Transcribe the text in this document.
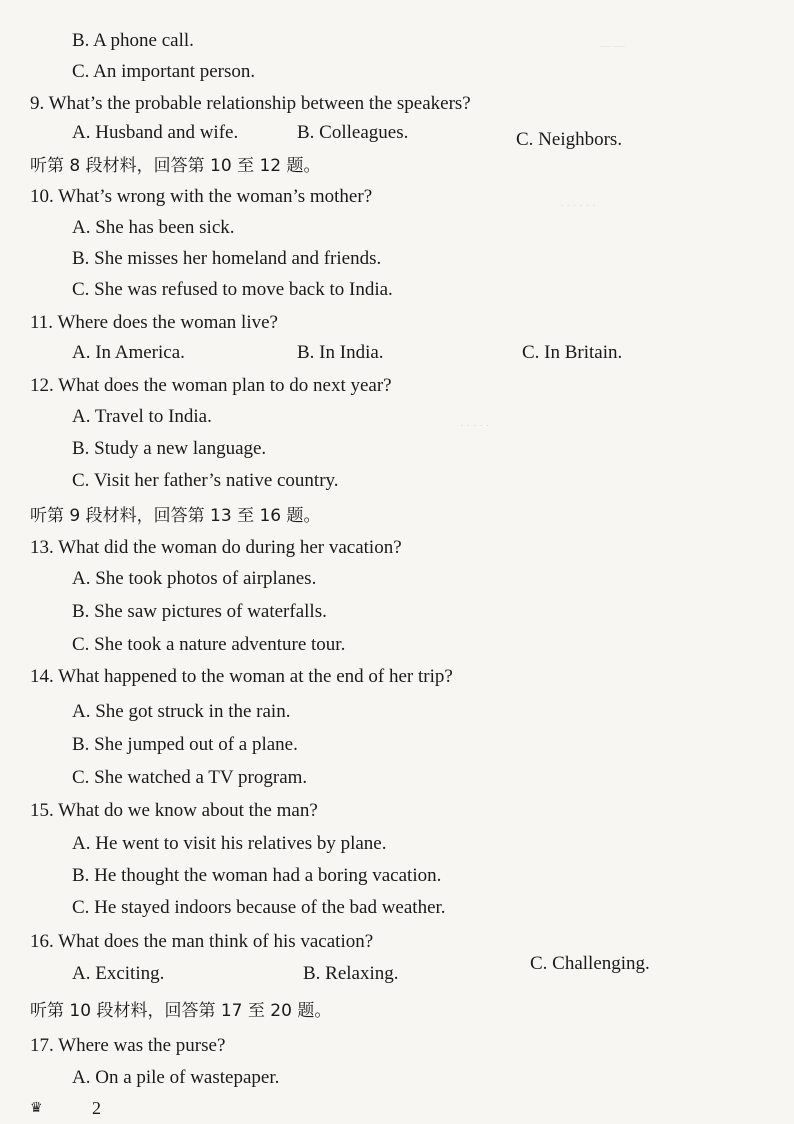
— —
· · · · · ·
· · · · ·
B. A phone call.
C. An important person.
9. What’s the probable relationship between the speakers?
A. Husband and wife.	B. Colleagues.	C. Neighbors.
听第 8 段材料，回答第 10 至 12 题。
10. What’s wrong with the woman’s mother?
A. She has been sick.
B. She misses her homeland and friends.
C. She was refused to move back to India.
11. Where does the woman live?
A. In America.	B. In India.	C. In Britain.
12. What does the woman plan to do next year?
A. Travel to India.
B. Study a new language.
C. Visit her father’s native country.
听第 9 段材料，回答第 13 至 16 题。
13. What did the woman do during her vacation?
A. She took photos of airplanes.
B. She saw pictures of waterfalls.
C. She took a nature adventure tour.
14. What happened to the woman at the end of her trip?
A. She got struck in the rain.
B. She jumped out of a plane.
C. She watched a TV program.
15. What do we know about the man?
A. He went to visit his relatives by plane.
B. He thought the woman had a boring vacation.
C. He stayed indoors because of the bad weather.
16. What does the man think of his vacation?
A. Exciting.	B. Relaxing.	C. Challenging.
听第 10 段材料，回答第 17 至 20 题。
17. Where was the purse?
A. On a pile of wastepaper.
♛	2
